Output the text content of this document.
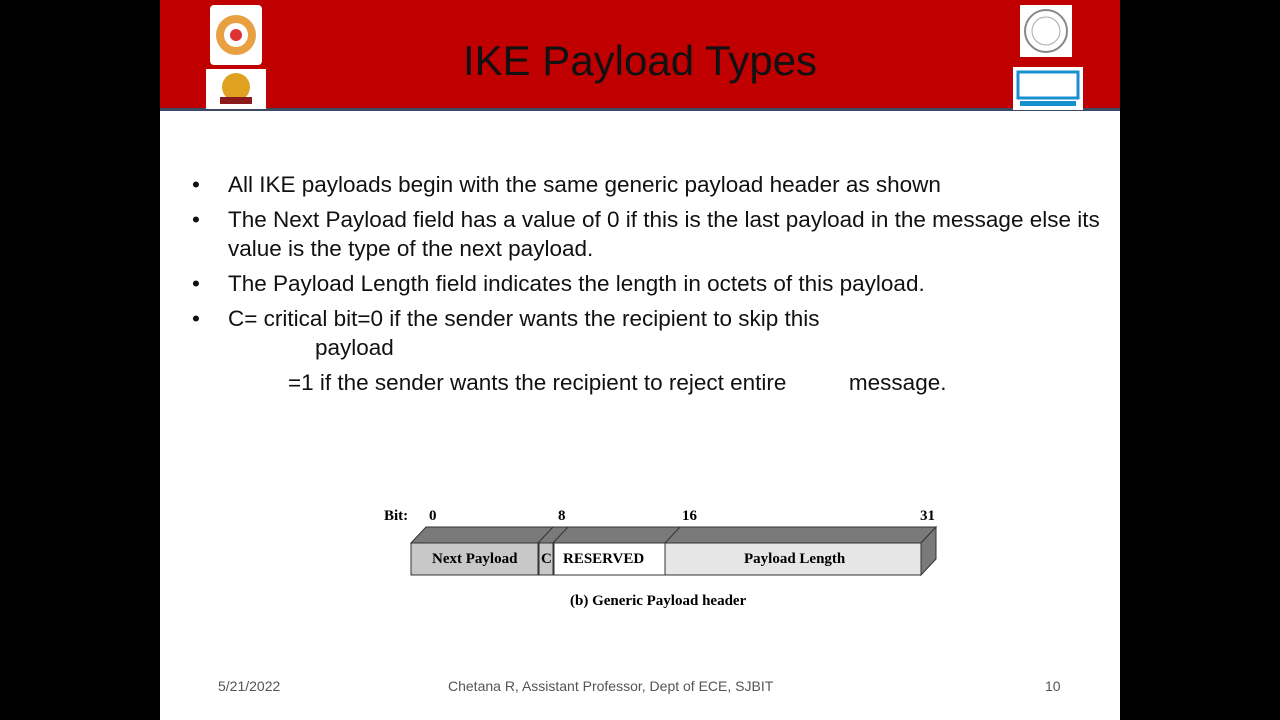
IKE Payload Types
• All IKE payloads begin with the same generic payload header as shown
• The Next Payload field has a value of 0 if this is the last payload in the message else its value is the type of the next payload.
• The Payload Length field indicates the length in octets of this payload.
• C= critical bit=0 if the sender wants the recipient to skip this
payload
=1 if the sender wants the recipient to reject entire          message.
Bit: 0	8	16	31
Next Payload C RESERVED	Payload Length
(b) Generic Payload header
5/21/2022	Chetana R, Assistant Professor, Dept of ECE, SJBIT	10
